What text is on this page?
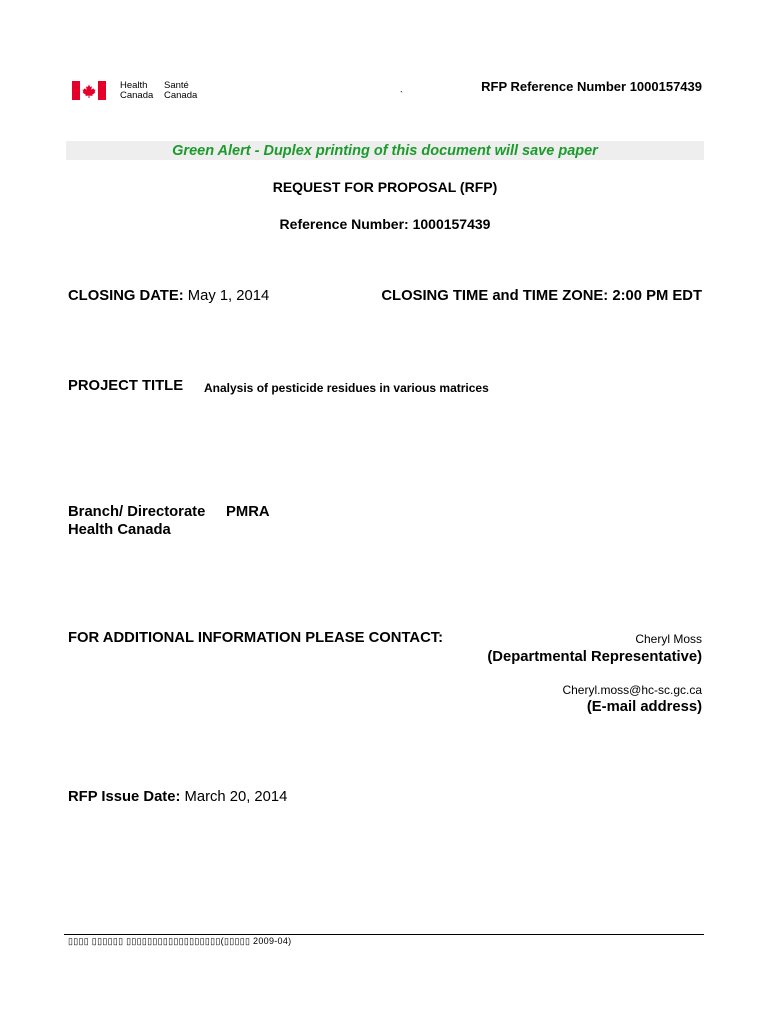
Health
Canada
Santé
Canada	`
RFP Reference Number 1000157439
Green Alert - Duplex printing of this document will save paper
REQUEST FOR PROPOSAL (RFP)
Reference Number: 1000157439
CLOSING DATE: May 1, 2014	CLOSING TIME and TIME ZONE: 2:00 PM EDT
PROJECT TITLE Analysis of pesticide residues in various matrices
Branch/ Directorate PMRA
Health Canada
FOR ADDITIONAL INFORMATION PLEASE CONTACT:	Cheryl Moss
(Departmental Representative)
Cheryl.moss@hc-sc.gc.ca
(E-mail address)
RFP Issue Date: March 20, 2014
▯▯▯▯ ▯▯▯▯▯▯ ▯▯▯▯▯▯▯▯▯▯▯▯▯▯▯▯▯▯(▯▯▯▯▯ 2009-04)
